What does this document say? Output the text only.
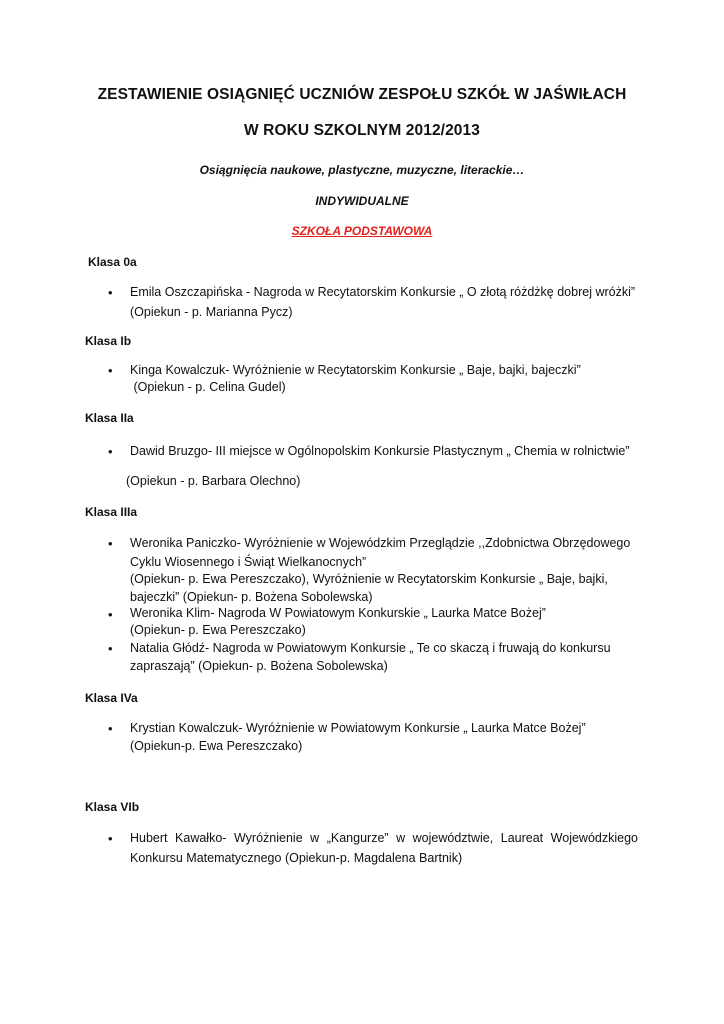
ZESTAWIENIE OSIĄGNIĘĆ UCZNIÓW ZESPOŁU SZKÓŁ W JAŚWIŁACH
W ROKU SZKOLNYM 2012/2013
Osiągnięcia naukowe, plastyczne, muzyczne, literackie…
INDYWIDUALNE
SZKOŁA PODSTAWOWA
Klasa 0a
• Emila Oszczapińska - Nagroda w Recytatorskim Konkursie „ O złotą różdżkę dobrej wróżki”
(Opiekun - p. Marianna Pycz)
Klasa Ib
• Kinga Kowalczuk- Wyróżnienie w Recytatorskim Konkursie „ Baje, bajki, bajeczki”
(Opiekun - p. Celina Gudel)
Klasa IIa
• Dawid Bruzgo- III miejsce w Ogólnopolskim Konkursie Plastycznym „ Chemia w rolnictwie”
(Opiekun - p. Barbara Olechno)
Klasa IIIa
• Weronika Paniczko- Wyróżnienie w Wojewódzkim Przeglądzie ,,Zdobnictwa Obrzędowego
Cyklu Wiosennego i Świąt Wielkanocnych”
(Opiekun- p. Ewa Pereszczako), Wyróżnienie w Recytatorskim Konkursie „ Baje, bajki,
bajeczki” (Opiekun- p. Bożena Sobolewska)
• Weronika Klim- Nagroda W Powiatowym Konkurskie „ Laurka Matce Bożej”
(Opiekun- p. Ewa Pereszczako)
• Natalia Głódź- Nagroda w Powiatowym Konkursie „ Te co skaczą i fruwają do konkursu
zapraszają” (Opiekun- p. Bożena Sobolewska)
Klasa IVa
• Krystian Kowalczuk- Wyróżnienie w Powiatowym Konkursie „ Laurka Matce Bożej”
(Opiekun-p. Ewa Pereszczako)
Klasa VIb
• Hubert Kawałko- Wyróżnienie w „Kangurze” w województwie, Laureat Wojewódzkiego
Konkursu Matematycznego (Opiekun-p. Magdalena Bartnik)
